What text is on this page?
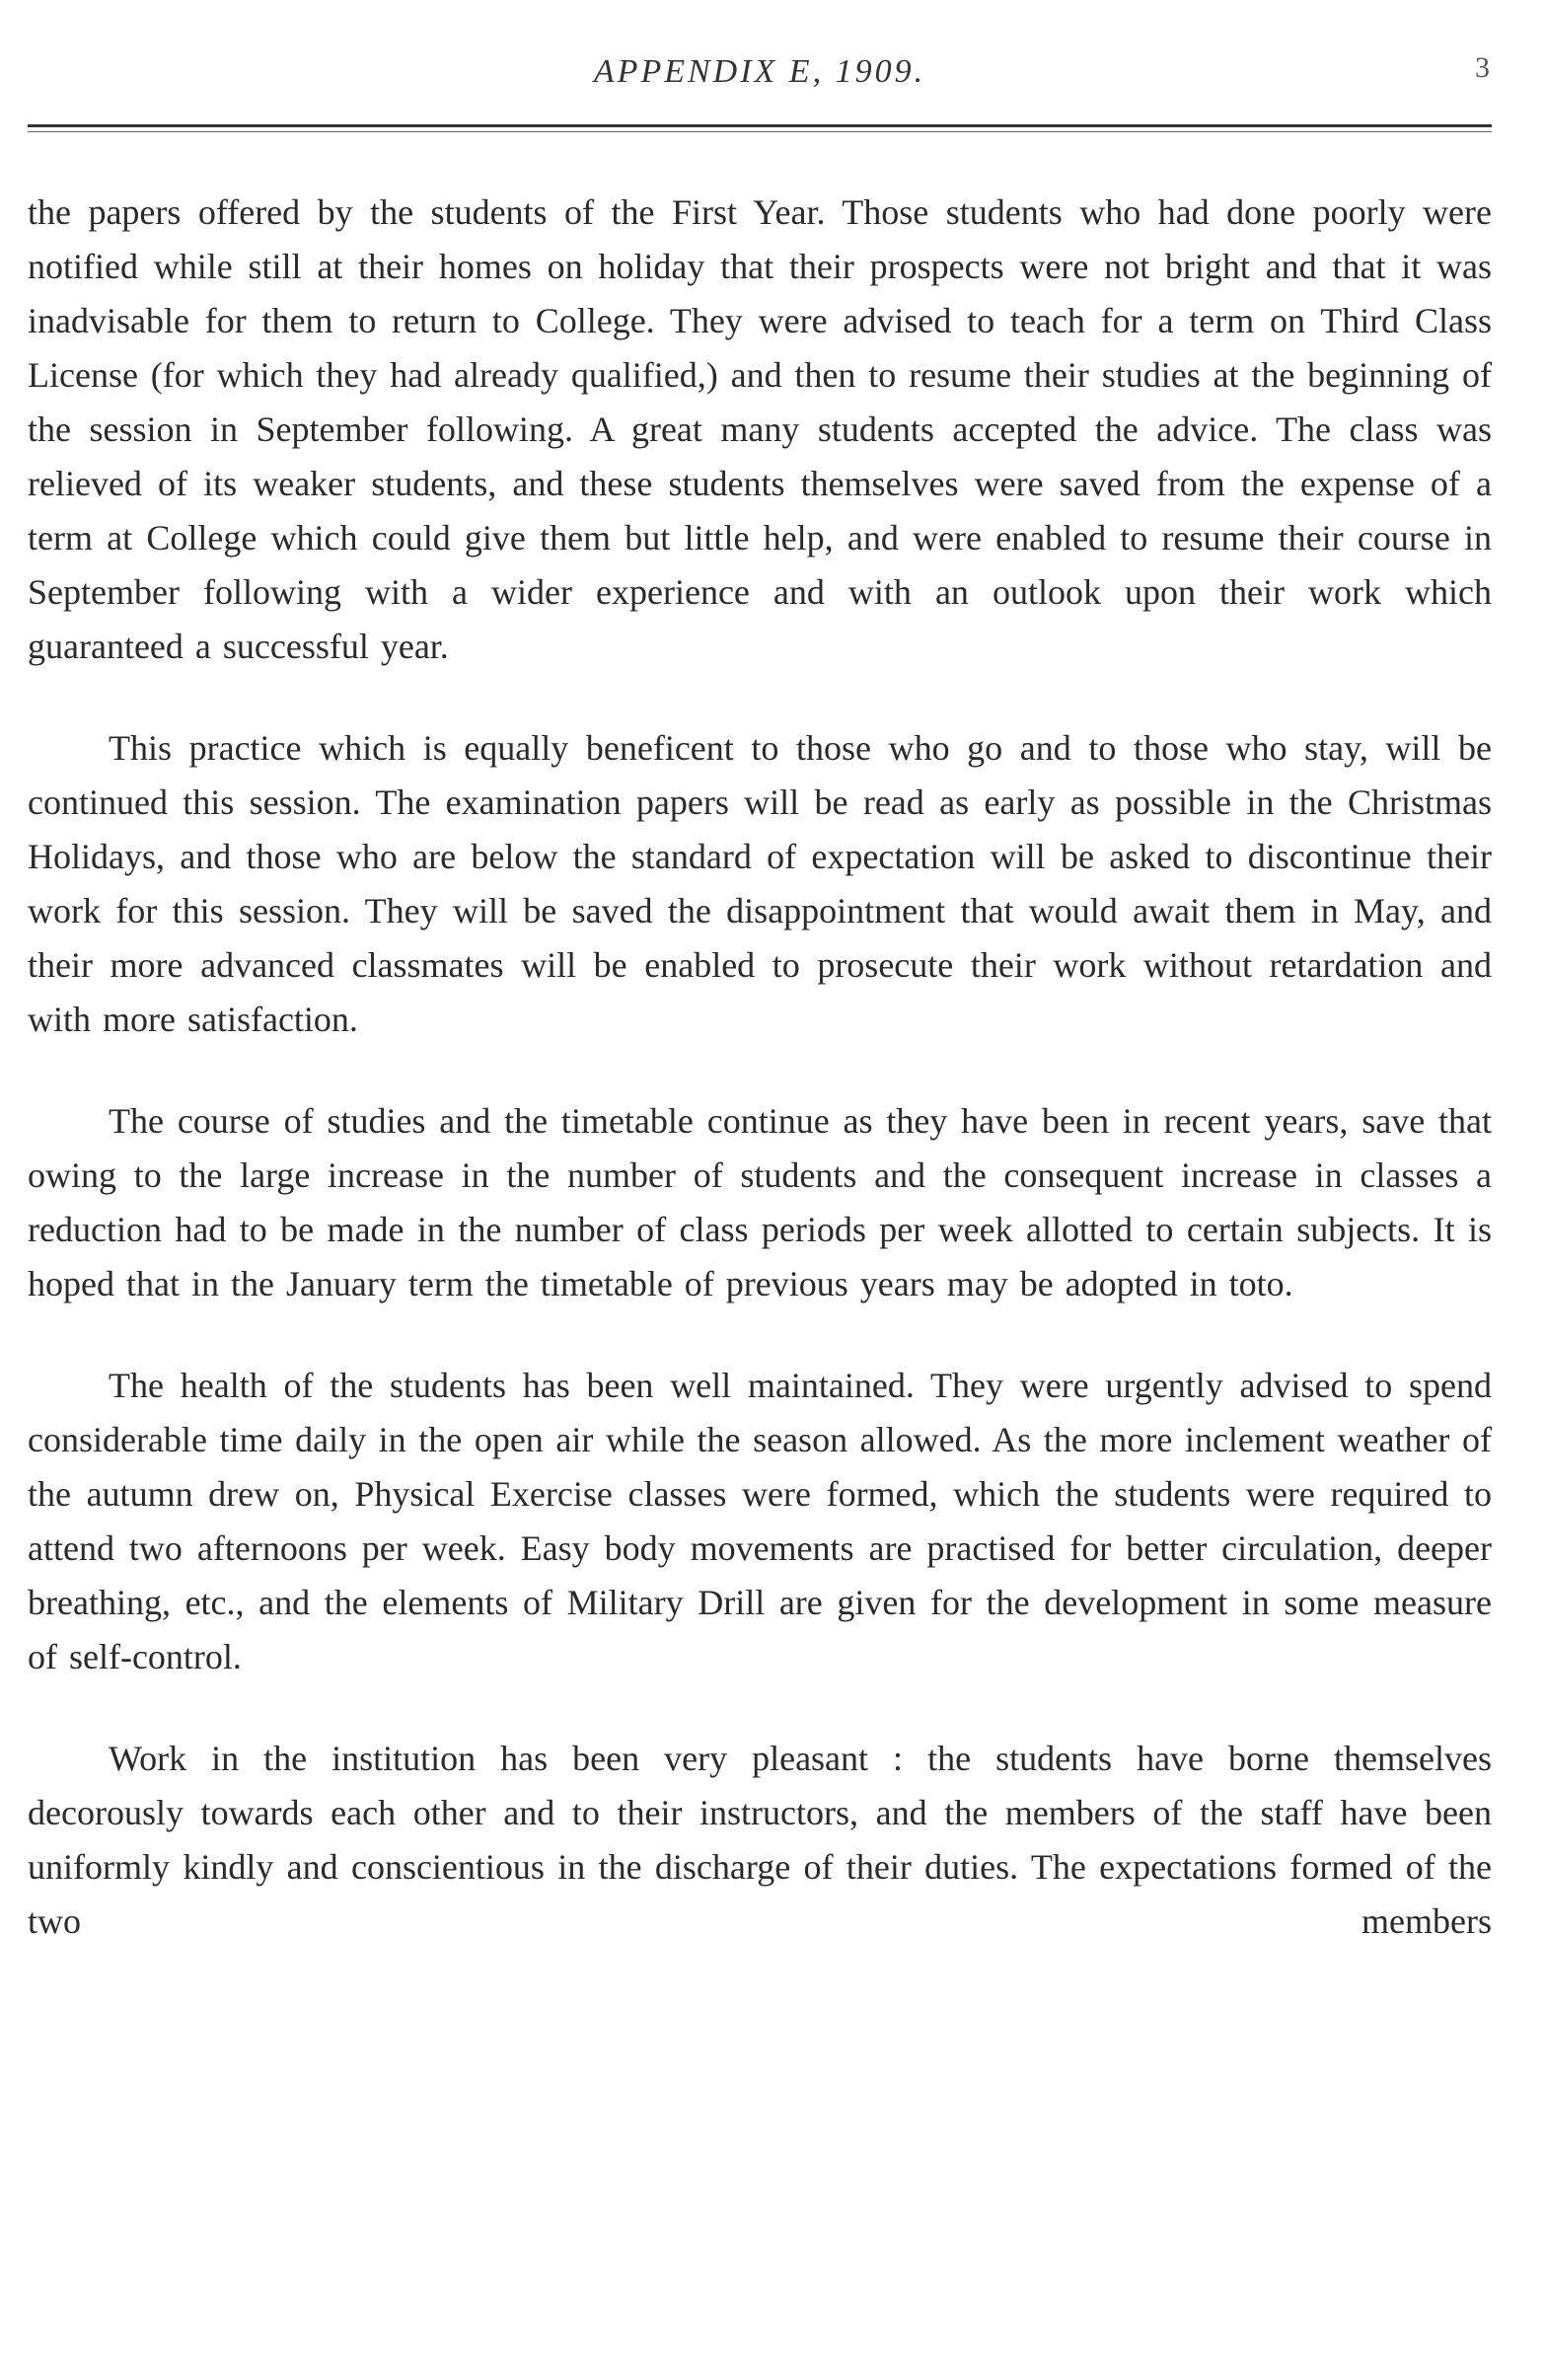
APPENDIX E, 1909.	3

the papers offered by the students of the First Year. Those students who had done poorly were notified while still at their homes on holiday that their prospects were not bright and that it was inadvisable for them to return to College. They were advised to teach for a term on Third Class License (for which they had already qualified,) and then to resume their studies at the beginning of the session in September following. A great many students accepted the advice. The class was relieved of its weaker students, and these students themselves were saved from the expense of a term at College which could give them but little help, and were enabled to resume their course in September following with a wider experience and with an outlook upon their work which guaranteed a successful year.

This practice which is equally beneficent to those who go and to those who stay, will be continued this session. The examination papers will be read as early as possible in the Christmas Holidays, and those who are below the standard of expectation will be asked to discontinue their work for this session. They will be saved the disappointment that would await them in May, and their more advanced classmates will be enabled to prosecute their work without retardation and with more satisfaction.

The course of studies and the timetable continue as they have been in recent years, save that owing to the large increase in the number of students and the consequent increase in classes a reduction had to be made in the number of class periods per week allotted to certain subjects. It is hoped that in the January term the timetable of previous years may be adopted in toto.

The health of the students has been well maintained. They were urgently advised to spend considerable time daily in the open air while the season allowed. As the more inclement weather of the autumn drew on, Physical Exercise classes were formed, which the students were required to attend two afternoons per week. Easy body movements are practised for better circulation, deeper breathing, etc., and the elements of Military Drill are given for the development in some measure of self-control.

Work in the institution has been very pleasant : the students have borne themselves decorously towards each other and to their instructors, and the members of the staff have been uniformly kindly and conscientious in the discharge of their duties. The expectations formed of the two members
